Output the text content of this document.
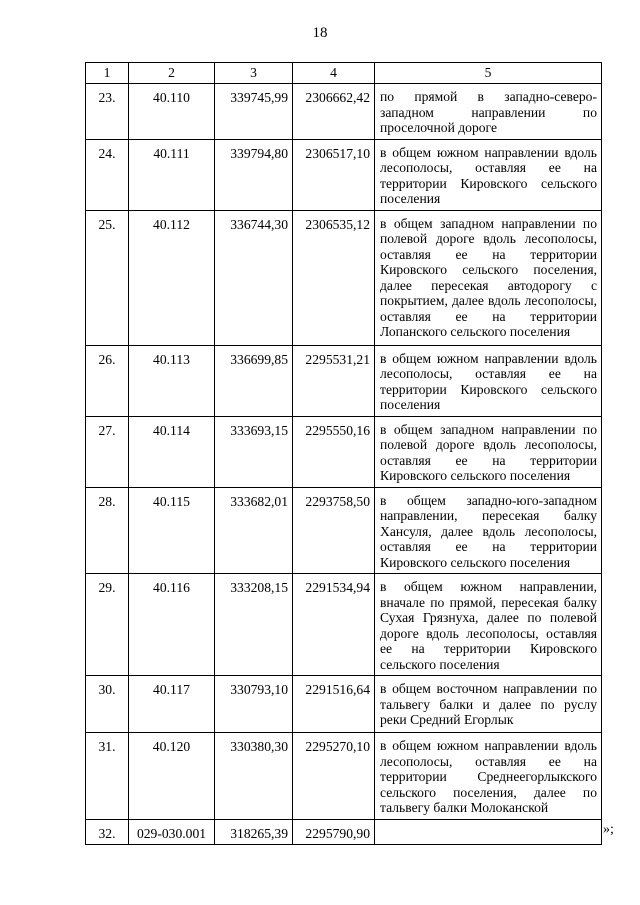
18
1	2	3	4	5
23.	40.110	339745,99	2306662,42	по прямой в западно-северо-западном направлении по проселочной дороге
24.	40.111	339794,80	2306517,10	в общем южном направлении вдоль лесополосы, оставляя ее на территории Кировского сельского поселения
25.	40.112	336744,30	2306535,12	в общем западном направлении по полевой дороге вдоль лесополосы, оставляя ее на территории Кировского сельского поселения, далее пересекая автодорогу с покрытием, далее вдоль лесополосы, оставляя ее на территории Лопанского сельского поселения
26.	40.113	336699,85	2295531,21	в общем южном направлении вдоль лесополосы, оставляя ее на территории Кировского сельского поселения
27.	40.114	333693,15	2295550,16	в общем западном направлении по полевой дороге вдоль лесополосы, оставляя ее на территории Кировского сельского поселения
28.	40.115	333682,01	2293758,50	в общем западно-юго-западном направлении, пересекая балку Хансуля, далее вдоль лесополосы, оставляя ее на территории Кировского сельского поселения
29.	40.116	333208,15	2291534,94	в общем южном направлении, вначале по прямой, пересекая балку Сухая Грязнуха, далее по полевой дороге вдоль лесополосы, оставляя ее на территории Кировского сельского поселения
30.	40.117	330793,10	2291516,64	в общем восточном направлении по тальвегу балки и далее по руслу реки Средний Егорлык
31.	40.120	330380,30	2295270,10	в общем южном направлении вдоль лесополосы, оставляя ее на территории Среднеегорлыкского сельского поселения, далее по тальвегу балки Молоканской
32.	029-030.001	318265,39	2295790,90		»;
